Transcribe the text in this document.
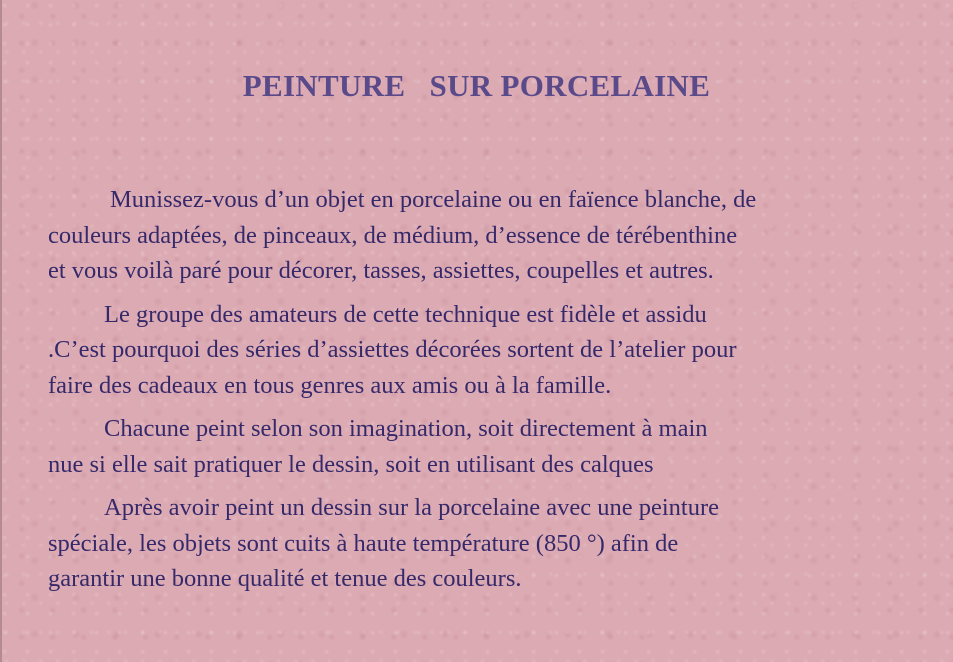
PEINTURE   SUR PORCELAINE

Munissez-vous d’un objet en porcelaine ou en faïence blanche, de
couleurs adaptées, de pinceaux, de médium, d’essence de térébenthine
et vous voilà paré pour décorer, tasses, assiettes, coupelles et autres.

Le groupe des amateurs de cette technique est fidèle et assidu
.C’est pourquoi des séries d’assiettes décorées sortent de l’atelier pour
faire des cadeaux en tous genres aux amis ou à la famille.

Chacune peint selon son imagination, soit directement à main
nue si elle sait pratiquer le dessin, soit en utilisant des calques

Après avoir peint un dessin sur la porcelaine avec une peinture
spéciale, les objets sont cuits à haute température (850 °) afin de
garantir une bonne qualité et tenue des couleurs.
